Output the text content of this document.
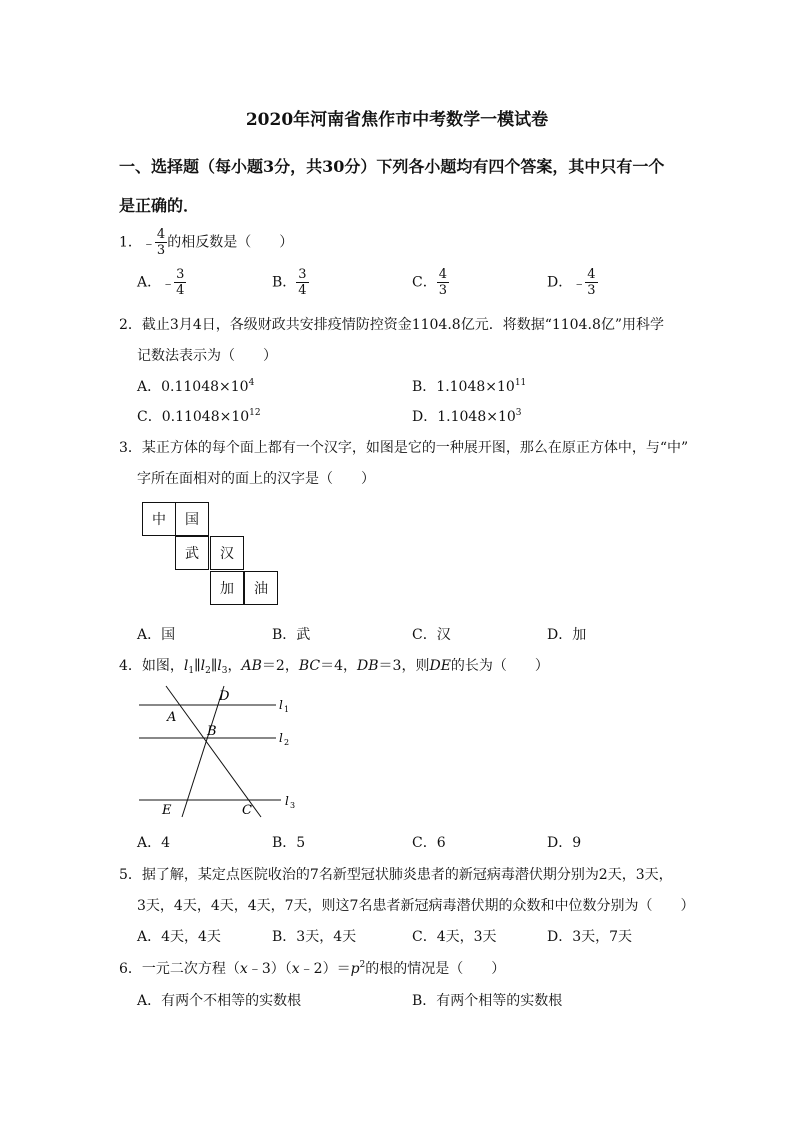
2020年河南省焦作市中考数学一模试卷
一、选择题（每小题3分，共30分）下列各小题均有四个答案，其中只有一个
是正确的．
1．﹣ $\frac{4}{3}$ 的相反数是（　　）
A．﹣ $\frac{3}{4}$	B． $\frac{3}{4}$	C． $\frac{4}{3}$	D．﹣ $\frac{4}{3}$
2．截止3月4日，各级财政共安排疫情防控资金1104.8亿元．将数据“1104.8亿”用科学
记数法表示为（　　）
A．$0.11048\times 10^4$	B．$1.1048\times 10^{11}$
C．$0.11048\times 10^{12}$	D．$1.1048\times 10^3$
3．某正方体的每个面上都有一个汉字，如图是它的一种展开图，那么在原正方体中，与“中”
字所在面相对的面上的汉字是（　　）
中	国
武	汉
加	油
A．国	B．武	C．汉	D．加
4．如图，$l_1\parallel l_2\parallel l_3$，AB＝2，BC＝4，DB＝3，则DE的长为（　　）
D
A
B
E	C
l 1
l 2
l 3
A．4	B．5	C．6	D．9
5．据了解，某定点医院收治的7名新型冠状肺炎患者的新冠病毒潜伏期分别为2天，3天，
3天，4天，4天，4天，7天，则这7名患者新冠病毒潜伏期的众数和中位数分别为（　　）
A．4天，4天	B．3天，4天	C．4天，3天	D．3天，7天
6．一元二次方程$(x﹣3)(x﹣2)=p^2$的根的情况是（　　）
A．有两个不相等的实数根	B．有两个相等的实数根
